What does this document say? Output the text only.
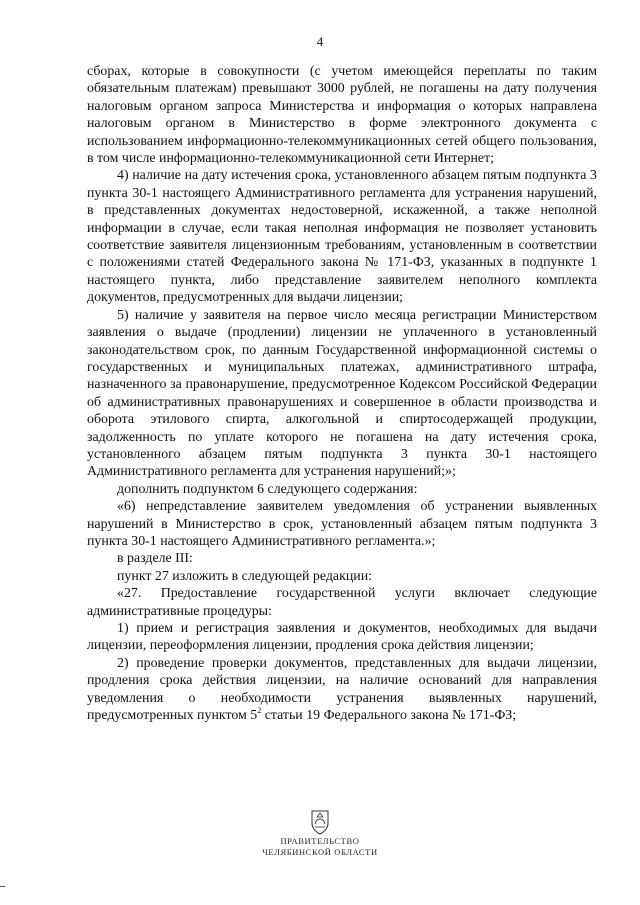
4

сборах, которые в совокупности (с учетом имеющейся переплаты по таким обязательным платежам) превышают 3000 рублей, не погашены на дату получения налоговым органом запроса Министерства и информация о которых направлена налоговым органом в Министерство в форме электронного документа с использованием информационно-телекоммуникационных сетей общего пользования, в том числе информационно-телекоммуникационной сети Интернет;

4) наличие на дату истечения срока, установленного абзацем пятым подпункта 3 пункта 30-1 настоящего Административного регламента для устранения нарушений, в представленных документах недостоверной, искаженной, а также неполной информации в случае, если такая неполная информация не позволяет установить соответствие заявителя лицензионным требованиям, установленным в соответствии с положениями статей Федерального закона № 171-ФЗ, указанных в подпункте 1 настоящего пункта, либо представление заявителем неполного комплекта документов, предусмотренных для выдачи лицензии;

5) наличие у заявителя на первое число месяца регистрации Министерством заявления о выдаче (продлении) лицензии не уплаченного в установленный законодательством срок, по данным Государственной информационной системы о государственных и муниципальных платежах, административного штрафа, назначенного за правонарушение, предусмотренное Кодексом Российской Федерации об административных правонарушениях и совершенное в области производства и оборота этилового спирта, алкогольной и спиртосодержащей продукции, задолженность по уплате которого не погашена на дату истечения срока, установленного абзацем пятым подпункта 3 пункта 30-1 настоящего Административного регламента для устранения нарушений;»;

дополнить подпунктом 6 следующего содержания:

«6) непредставление заявителем уведомления об устранении выявленных нарушений в Министерство в срок, установленный абзацем пятым подпункта 3 пункта 30-1 настоящего Административного регламента.»;

в разделе III:

пункт 27 изложить в следующей редакции:

«27. Предоставление государственной услуги включает следующие административные процедуры:

1) прием и регистрация заявления и документов, необходимых для выдачи лицензии, переоформления лицензии, продления срока действия лицензии;

2) проведение проверки документов, представленных для выдачи лицензии, продления срока действия лицензии, на наличие оснований для направления уведомления о необходимости устранения выявленных нарушений, предусмотренных пунктом $5^2$ статьи 19 Федерального закона № 171-ФЗ;

ПРАВИТЕЛЬСТВО
ЧЕЛЯБИНСКОЙ ОБЛАСТИ
